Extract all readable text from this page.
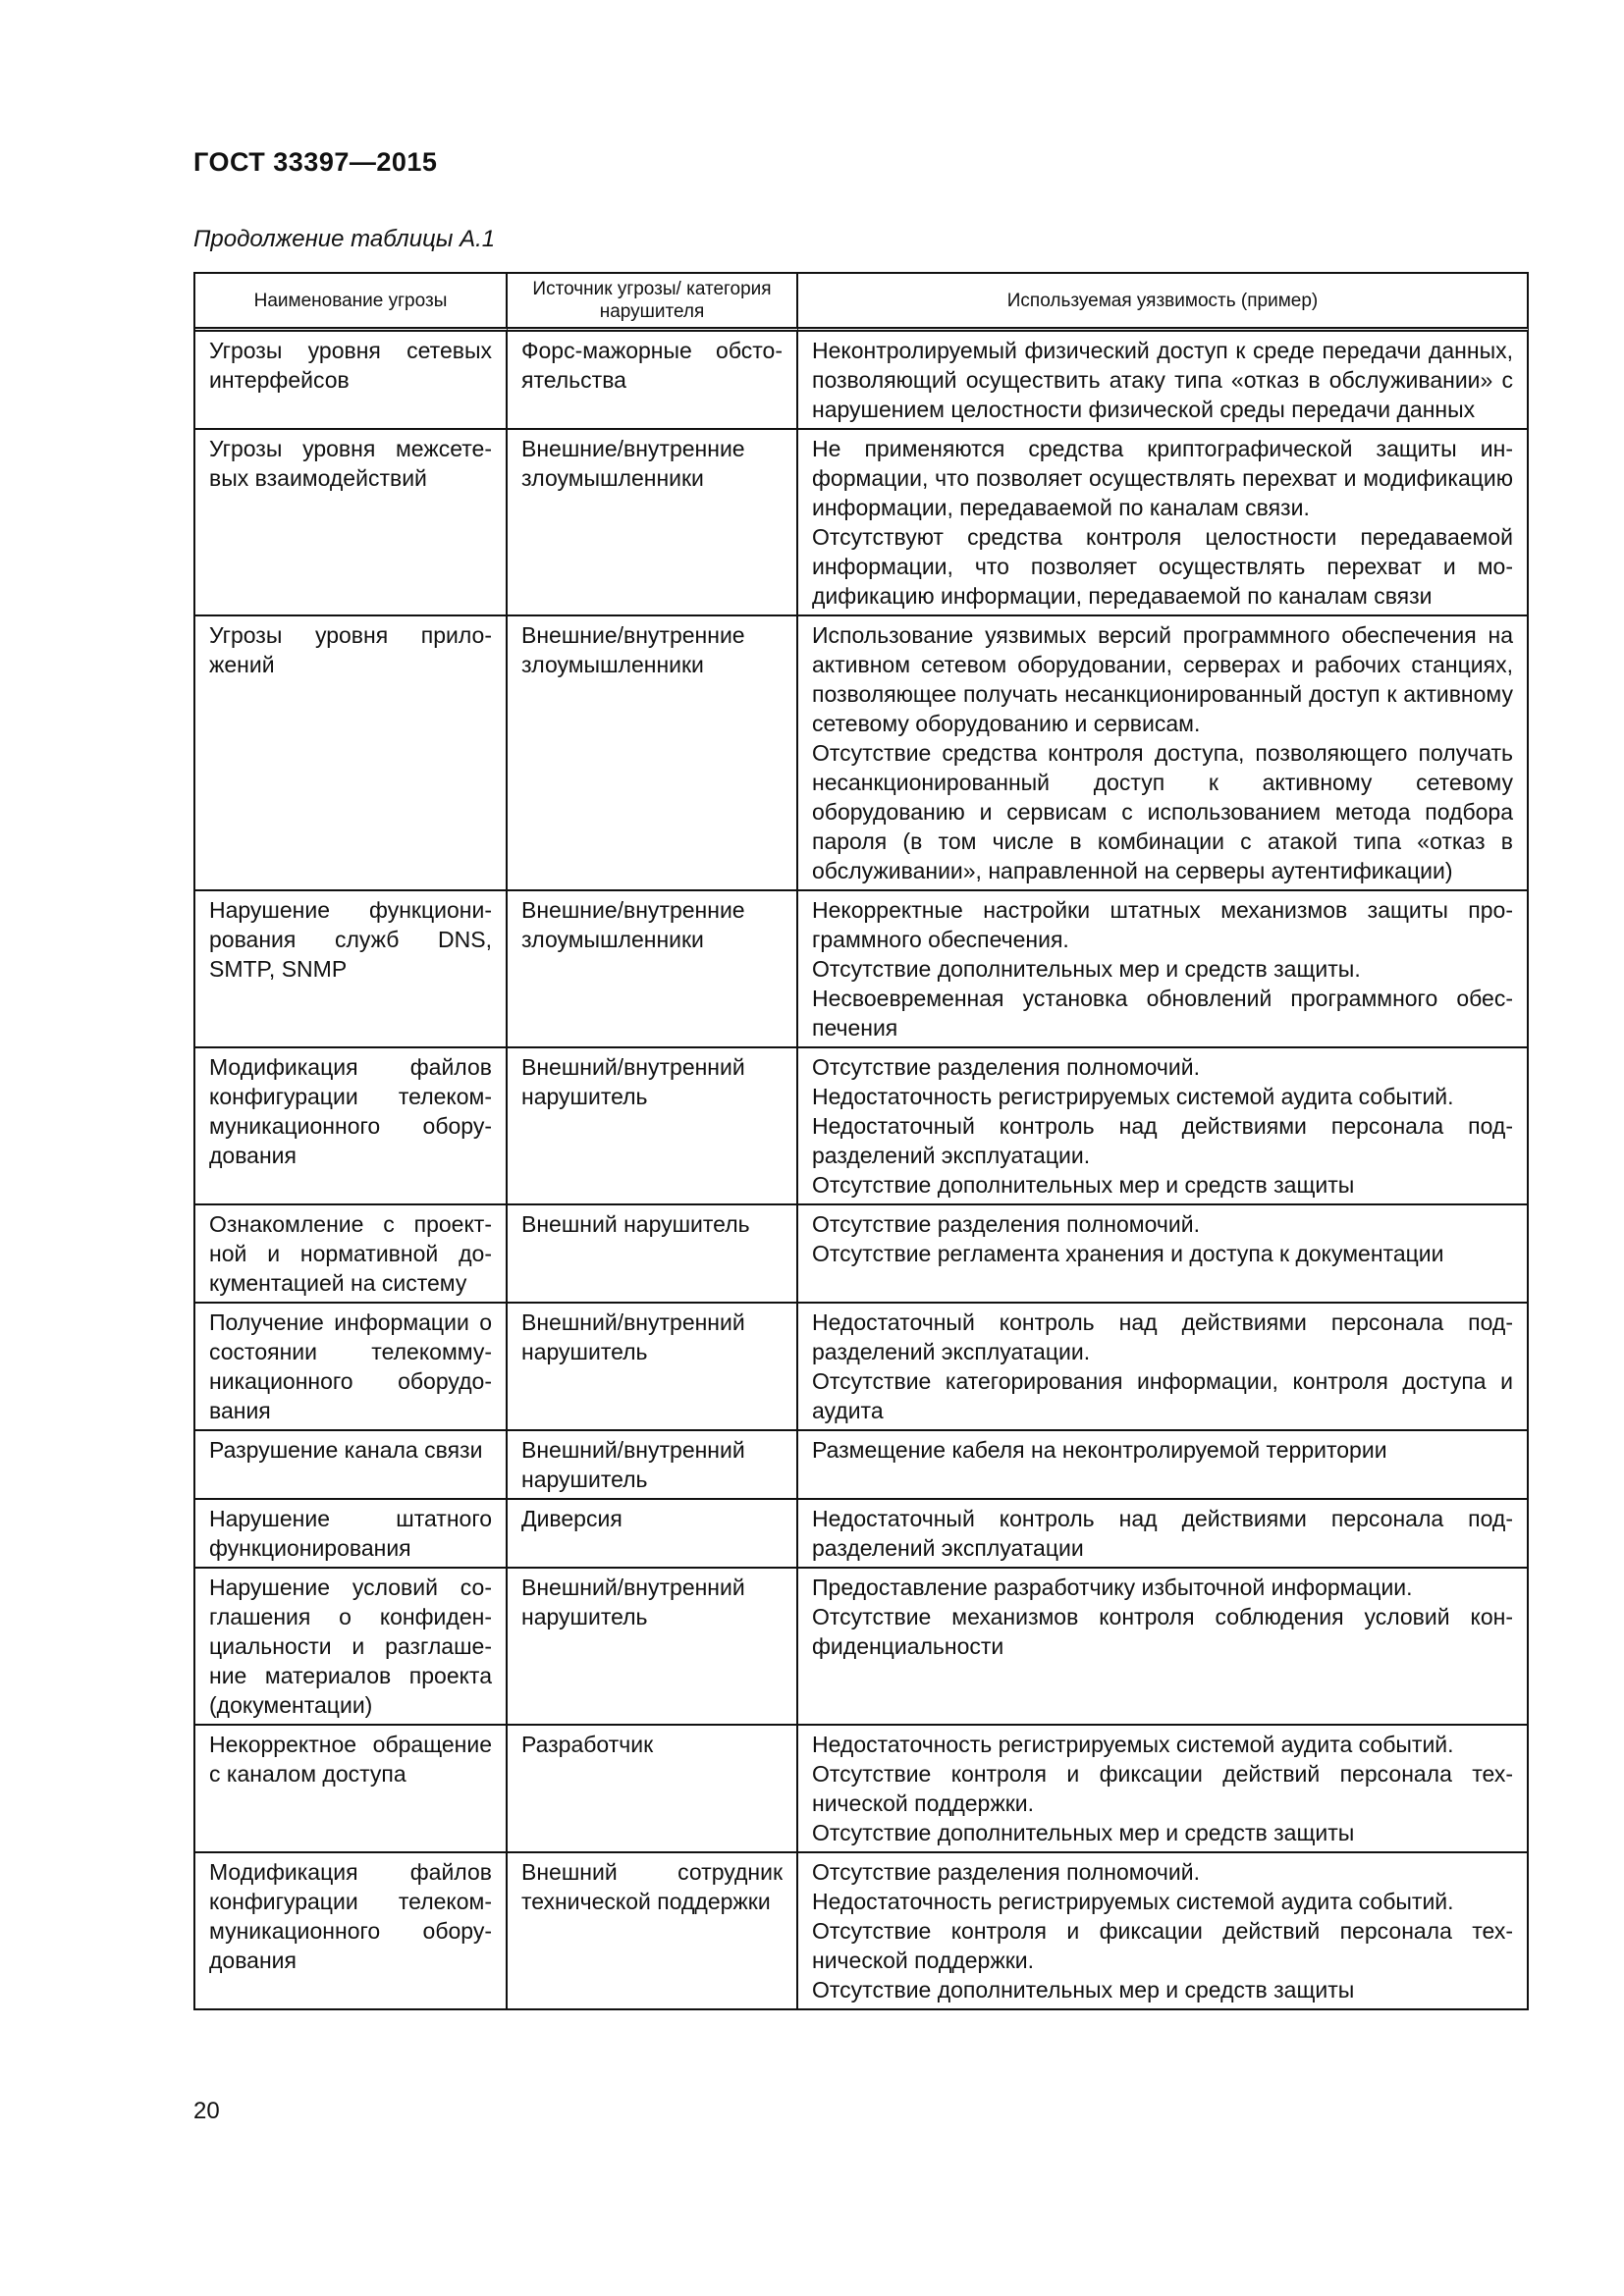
ГОСТ 33397—2015
Продолжение таблицы А.1
Наименование угрозы	Источник угрозы/ категория нарушителя	Используемая уязвимость (пример)
Угрозы уровня сетевых интерфейсов	Форс-мажорные обстоятельства	Неконтролируемый физический доступ к среде передачи данных, позволяющий осуществить атаку типа «отказ в обслуживании» с нарушением целостности физической среды передачи данных

Угрозы уровня межсетевых взаимодействий	Внешние/внутренние злоумышленники	Не применяются средства криптографической защиты информации, что позволяет осуществлять перехват и модификацию информации, передаваемой по каналам связи.
Отсутствуют средства контроля целостности передаваемой информации, что позволяет осуществлять перехват и модификацию информации, передаваемой по каналам связи

Угрозы уровня приложений	Внешние/внутренние злоумышленники	Использование уязвимых версий программного обеспечения на активном сетевом оборудовании, серверах и рабочих станциях, позволяющее получать несанкционированный доступ к активному сетевому оборудованию и сервисам.
Отсутствие средства контроля доступа, позволяющего получать несанкционированный доступ к активному сетевому оборудованию и сервисам с использованием метода подбора пароля (в том числе в комбинации с атакой типа «отказ в обслуживании», направленной на серверы аутентификации)

Нарушение функционирования служб DNS, SMTP, SNMP	Внешние/внутренние злоумышленники	Некорректные настройки штатных механизмов защиты программного обеспечения.
Отсутствие дополнительных мер и средств защиты.
Несвоевременная установка обновлений программного обеспечения

Модификация файлов конфигурации телекоммуникационного оборудования	Внешний/внутренний нарушитель	Отсутствие разделения полномочий.
Недостаточность регистрируемых системой аудита событий.
Недостаточный контроль над действиями персонала подразделений эксплуатации.
Отсутствие дополнительных мер и средств защиты

Ознакомление с проектной и нормативной документацией на систему	Внешний нарушитель	Отсутствие разделения полномочий.
Отсутствие регламента хранения и доступа к документации

Получение информации о состоянии телекоммуникационного оборудования	Внешний/внутренний нарушитель	Недостаточный контроль над действиями персонала подразделений эксплуатации.
Отсутствие категорирования информации, контроля доступа и аудита

Разрушение канала связи	Внешний/внутренний нарушитель	Размещение кабеля на неконтролируемой территории

Нарушение штатного функционирования	Диверсия	Недостаточный контроль над действиями персонала подразделений эксплуатации

Нарушение условий соглашения о конфиденциальности и разглашение материалов проекта (документации)	Внешний/внутренний нарушитель	Предоставление разработчику избыточной информации.
Отсутствие механизмов контроля соблюдения условий конфиденциальности

Некорректное обращение с каналом доступа	Разработчик	Недостаточность регистрируемых системой аудита событий.
Отсутствие контроля и фиксации действий персонала технической поддержки.
Отсутствие дополнительных мер и средств защиты

Модификация файлов конфигурации телекоммуникационного оборудования	Внешний сотрудник технической поддержки	Отсутствие разделения полномочий.
Недостаточность регистрируемых системой аудита событий.
Отсутствие контроля и фиксации действий персонала технической поддержки.
Отсутствие дополнительных мер и средств защиты
20
